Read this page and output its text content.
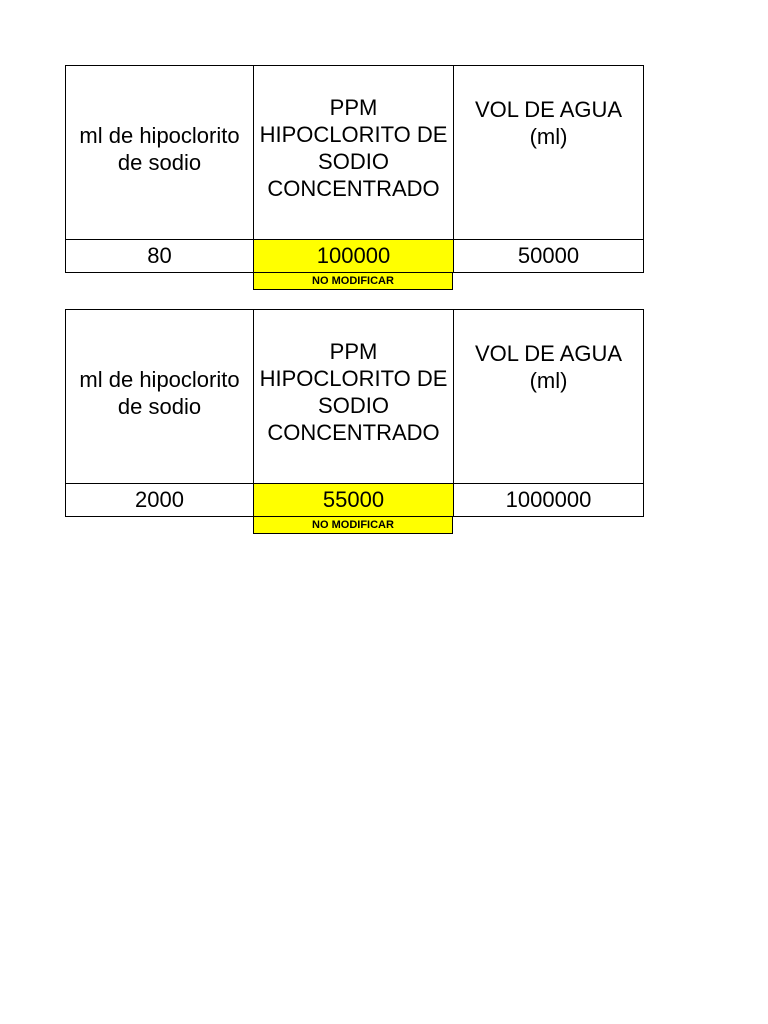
ml de hipoclorito de sodio	PPM HIPOCLORITO DE SODIO CONCENTRADO	VOL DE AGUA (ml)

80	100000	50000
NO MODIFICAR
ml de hipoclorito de sodio	PPM HIPOCLORITO DE SODIO CONCENTRADO	VOL DE AGUA (ml)

2000	55000	1000000
NO MODIFICAR
